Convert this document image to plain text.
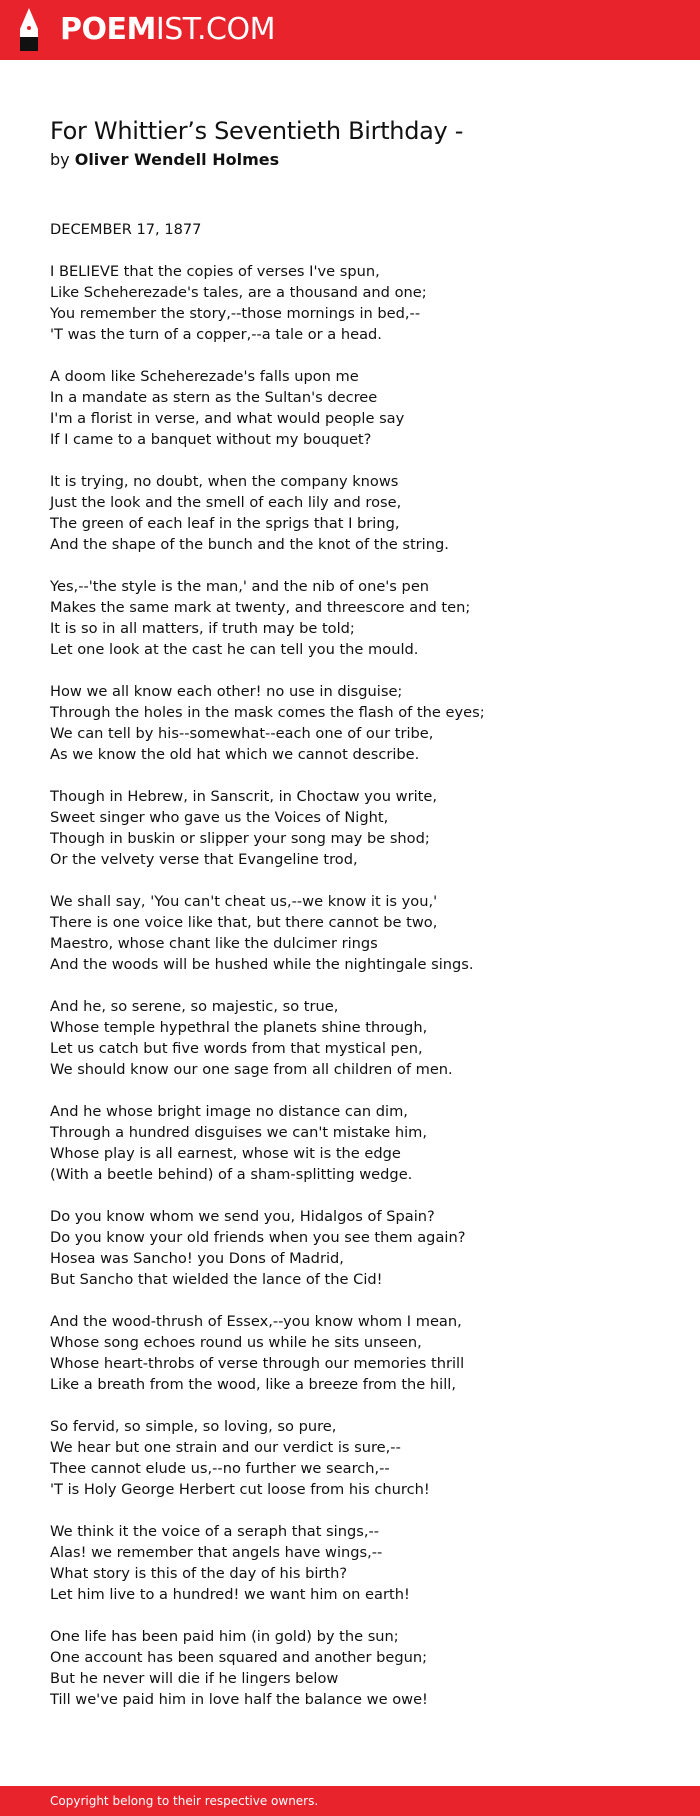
POEMIST.COM
For Whittier’s Seventieth Birthday -
by Oliver Wendell Holmes
DECEMBER 17, 1877
I BELIEVE that the copies of verses I've spun,
Like Scheherezade's tales, are a thousand and one;
You remember the story,--those mornings in bed,--
'T was the turn of a copper,--a tale or a head.
A doom like Scheherezade's falls upon me
In a mandate as stern as the Sultan's decree
I'm a florist in verse, and what would people say
If I came to a banquet without my bouquet?
It is trying, no doubt, when the company knows
Just the look and the smell of each lily and rose,
The green of each leaf in the sprigs that I bring,
And the shape of the bunch and the knot of the string.
Yes,--'the style is the man,' and the nib of one's pen
Makes the same mark at twenty, and threescore and ten;
It is so in all matters, if truth may be told;
Let one look at the cast he can tell you the mould.
How we all know each other! no use in disguise;
Through the holes in the mask comes the flash of the eyes;
We can tell by his--somewhat--each one of our tribe,
As we know the old hat which we cannot describe.
Though in Hebrew, in Sanscrit, in Choctaw you write,
Sweet singer who gave us the Voices of Night,
Though in buskin or slipper your song may be shod;
Or the velvety verse that Evangeline trod,
We shall say, 'You can't cheat us,--we know it is you,'
There is one voice like that, but there cannot be two,
Maestro, whose chant like the dulcimer rings
And the woods will be hushed while the nightingale sings.
And he, so serene, so majestic, so true,
Whose temple hypethral the planets shine through,
Let us catch but five words from that mystical pen,
We should know our one sage from all children of men.
And he whose bright image no distance can dim,
Through a hundred disguises we can't mistake him,
Whose play is all earnest, whose wit is the edge
(With a beetle behind) of a sham-splitting wedge.
Do you know whom we send you, Hidalgos of Spain?
Do you know your old friends when you see them again?
Hosea was Sancho! you Dons of Madrid,
But Sancho that wielded the lance of the Cid!
And the wood-thrush of Essex,--you know whom I mean,
Whose song echoes round us while he sits unseen,
Whose heart-throbs of verse through our memories thrill
Like a breath from the wood, like a breeze from the hill,
So fervid, so simple, so loving, so pure,
We hear but one strain and our verdict is sure,--
Thee cannot elude us,--no further we search,--
'T is Holy George Herbert cut loose from his church!
We think it the voice of a seraph that sings,--
Alas! we remember that angels have wings,--
What story is this of the day of his birth?
Let him live to a hundred! we want him on earth!
One life has been paid him (in gold) by the sun;
One account has been squared and another begun;
But he never will die if he lingers below
Till we've paid him in love half the balance we owe!
Copyright belong to their respective owners.
